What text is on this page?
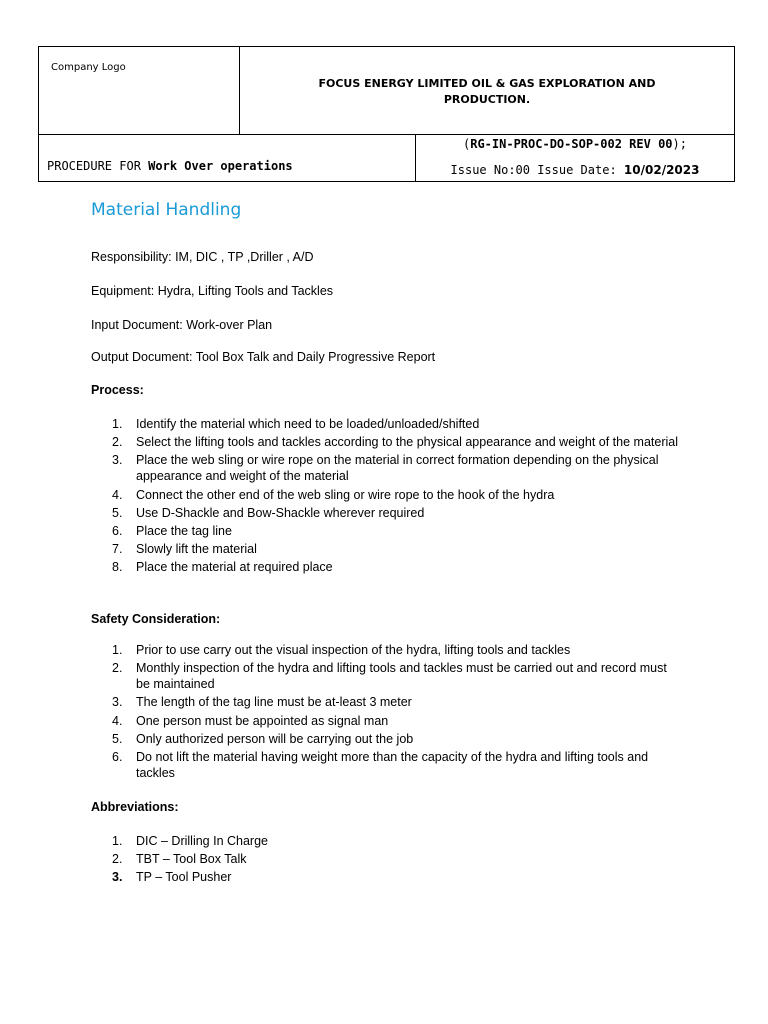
Company Logo
FOCUS ENERGY LIMITED OIL & GAS EXPLORATION AND PRODUCTION.
PROCEDURE FOR Work Over operations
(RG-IN-PROC-DO-SOP-002 REV 00);
Issue No:00 Issue Date: 10/02/2023
Material Handling
Responsibility: IM, DIC , TP ,Driller , A/D
Equipment: Hydra, Lifting Tools and Tackles
Input Document: Work-over Plan
Output Document: Tool Box Talk and Daily Progressive Report
Process:
1. Identify the material which need to be loaded/unloaded/shifted
2. Select the lifting tools and tackles according to the physical appearance and weight of the material
3. Place the web sling or wire rope on the material in correct formation depending on the physical appearance and weight of the material
4. Connect the other end of the web sling or wire rope to the hook of the hydra
5. Use D-Shackle and Bow-Shackle wherever required
6. Place the tag line
7. Slowly lift the material
8. Place the material at required place
Safety Consideration:
1. Prior to use carry out the visual inspection of the hydra, lifting tools and tackles
2. Monthly inspection of the hydra and lifting tools and tackles must be carried out and record must be maintained
3. The length of the tag line must be at-least 3 meter
4. One person must be appointed as signal man
5. Only authorized person will be carrying out the job
6. Do not lift the material having weight more than the capacity of the hydra and lifting tools and tackles
Abbreviations:
1. DIC – Drilling In Charge
2. TBT – Tool Box Talk
3. TP – Tool Pusher
